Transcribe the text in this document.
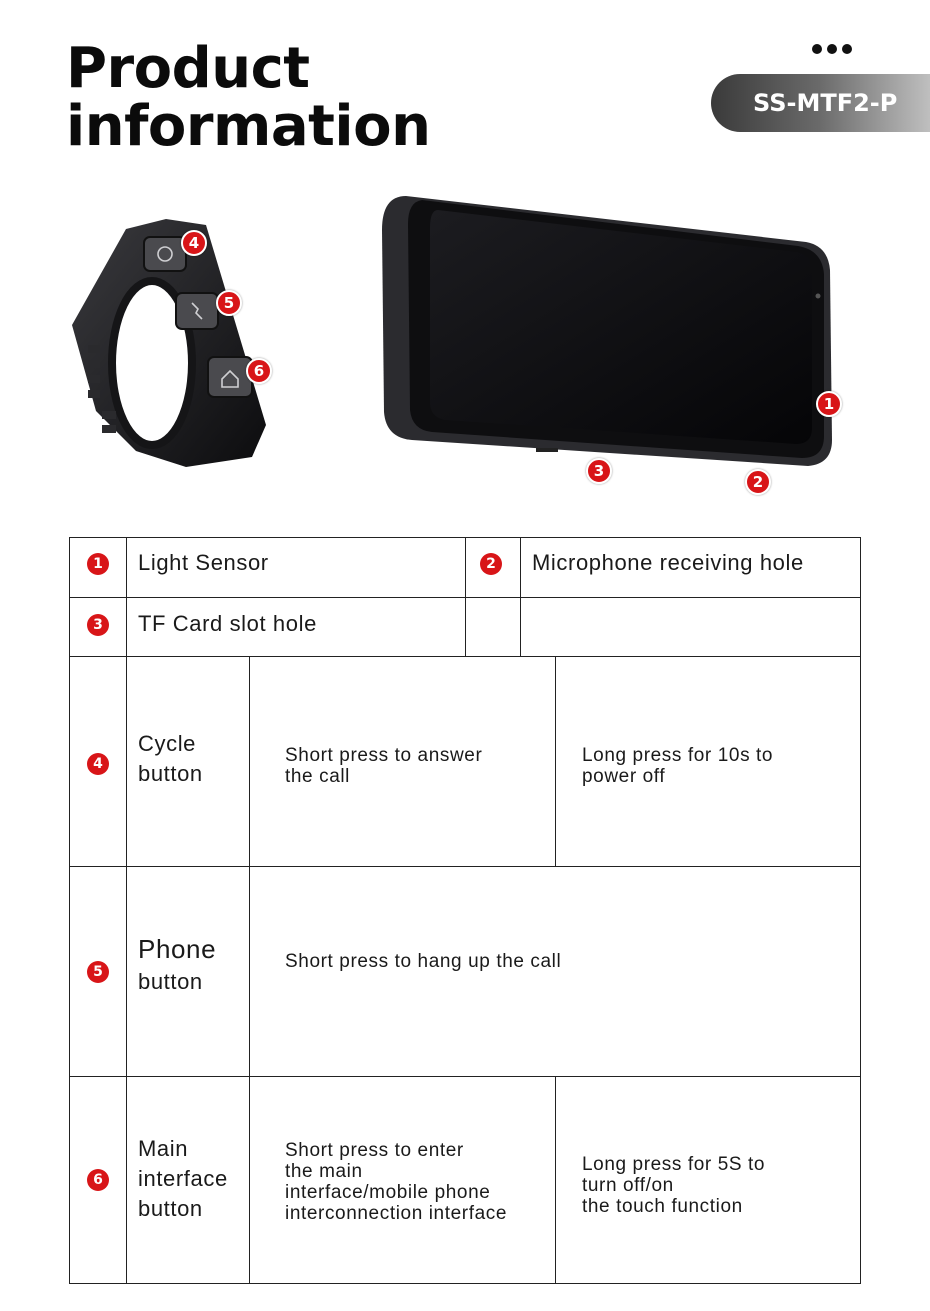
Product
information	SS-MTF2-P
4
5
6
1
3
2
1 Light Sensor	2 Microphone receiving hole
3 TF Card slot hole
4
Cycle
button
Short press to answer
the call
Long press for 10s to
power off
5
Phone
button
Short press to hang up the call
6
Main
interface
button
Short press to enter
the main
interface/mobile phone
interconnection interface
Long press for 5S to
turn off/on
the touch function
